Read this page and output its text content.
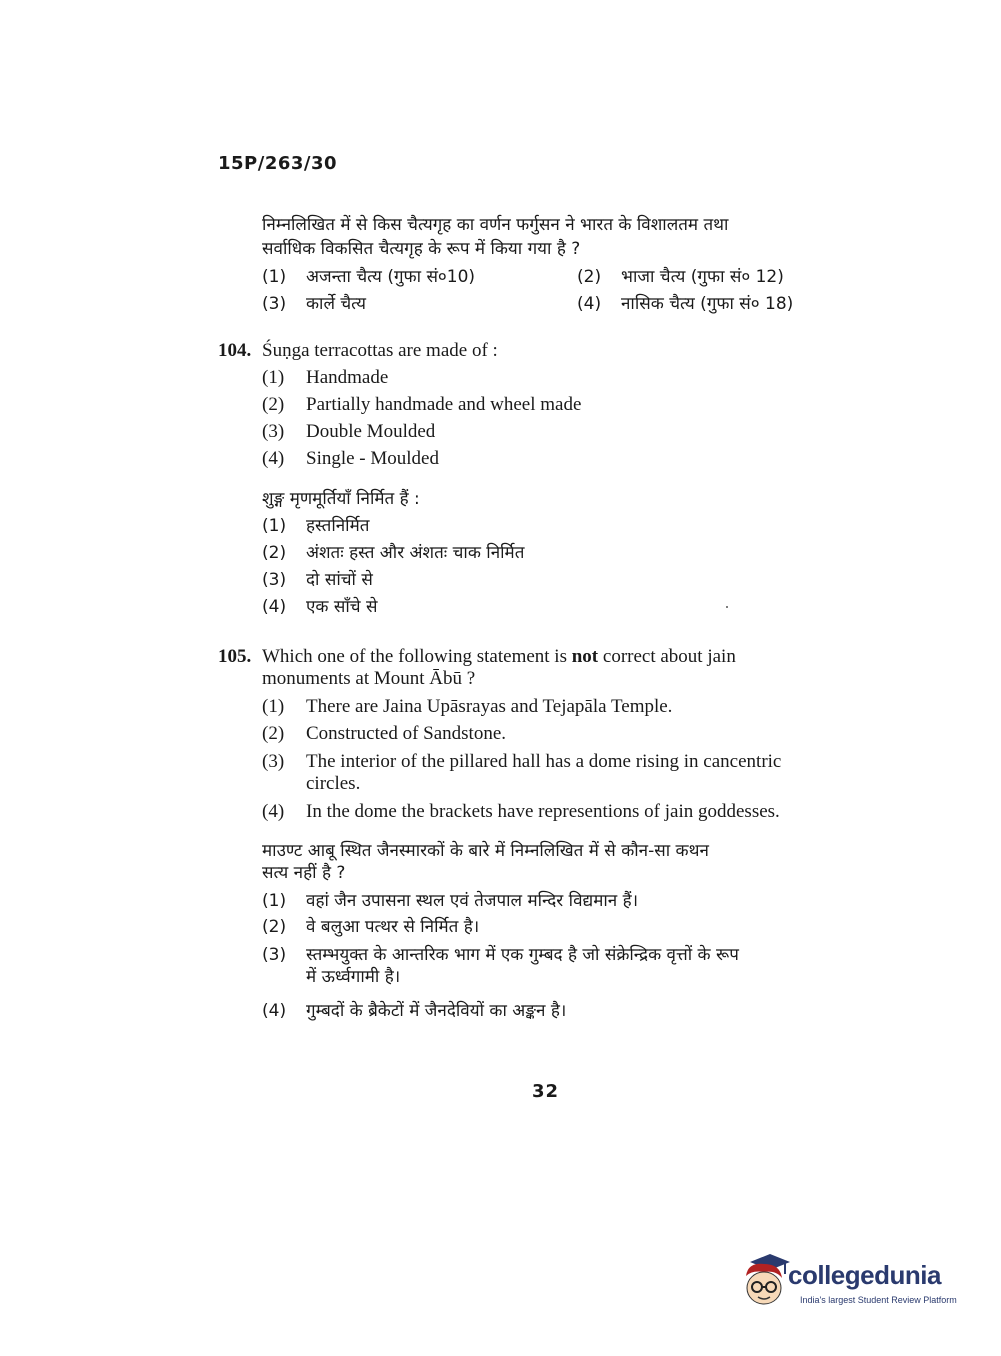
15P/263/30
निम्नलिखित में से किस चैत्यगृह का वर्णन फर्गुसन ने भारत के विशालतम तथा
सर्वाधिक विकसित चैत्यगृह के रूप में किया गया है ?
(1) अजन्ता चैत्य (गुफा सं०10)	(2) भाजा चैत्य (गुफा सं० 12)
(3) कार्ले चैत्य	(4) नासिक चैत्य (गुफा सं० 18)
104. Śuṇga terracottas are made of :
(1) Handmade
(2) Partially handmade and wheel made
(3) Double Moulded
(4) Single - Moulded
शुङ्ग मृणमूर्तियाँ निर्मित हैं :
(1) हस्तनिर्मित
(2) अंशतः हस्त और अंशतः चाक निर्मित
(3) दो सांचों से
(4) एक साँचे से
105. Which one of the following statement is not correct about jain
monuments at Mount Ābū ?
(1) There are Jaina Upāsrayas and Tejapāla Temple.
(2) Constructed of Sandstone.
(3) The interior of the pillared hall has a dome rising in cancentric
circles.
(4) In the dome the brackets have representions of jain goddesses.
माउण्ट आबू स्थित जैनस्मारकों के बारे में निम्नलिखित में से कौन-सा कथन
सत्य नहीं है ?
(1) वहां जैन उपासना स्थल एवं तेजपाल मन्दिर विद्यमान हैं।
(2) वे बलुआ पत्थर से निर्मित है।
(3) स्तम्भयुक्त के आन्तरिक भाग में एक गुम्बद है जो संक्रेन्द्रिक वृत्तों के रूप
में ऊर्ध्वगामी है।
(4) गुम्बदों के ब्रैकेटों में जैनदेवियों का अङ्कन है।
32
collegedunia
India's largest Student Review Platform
